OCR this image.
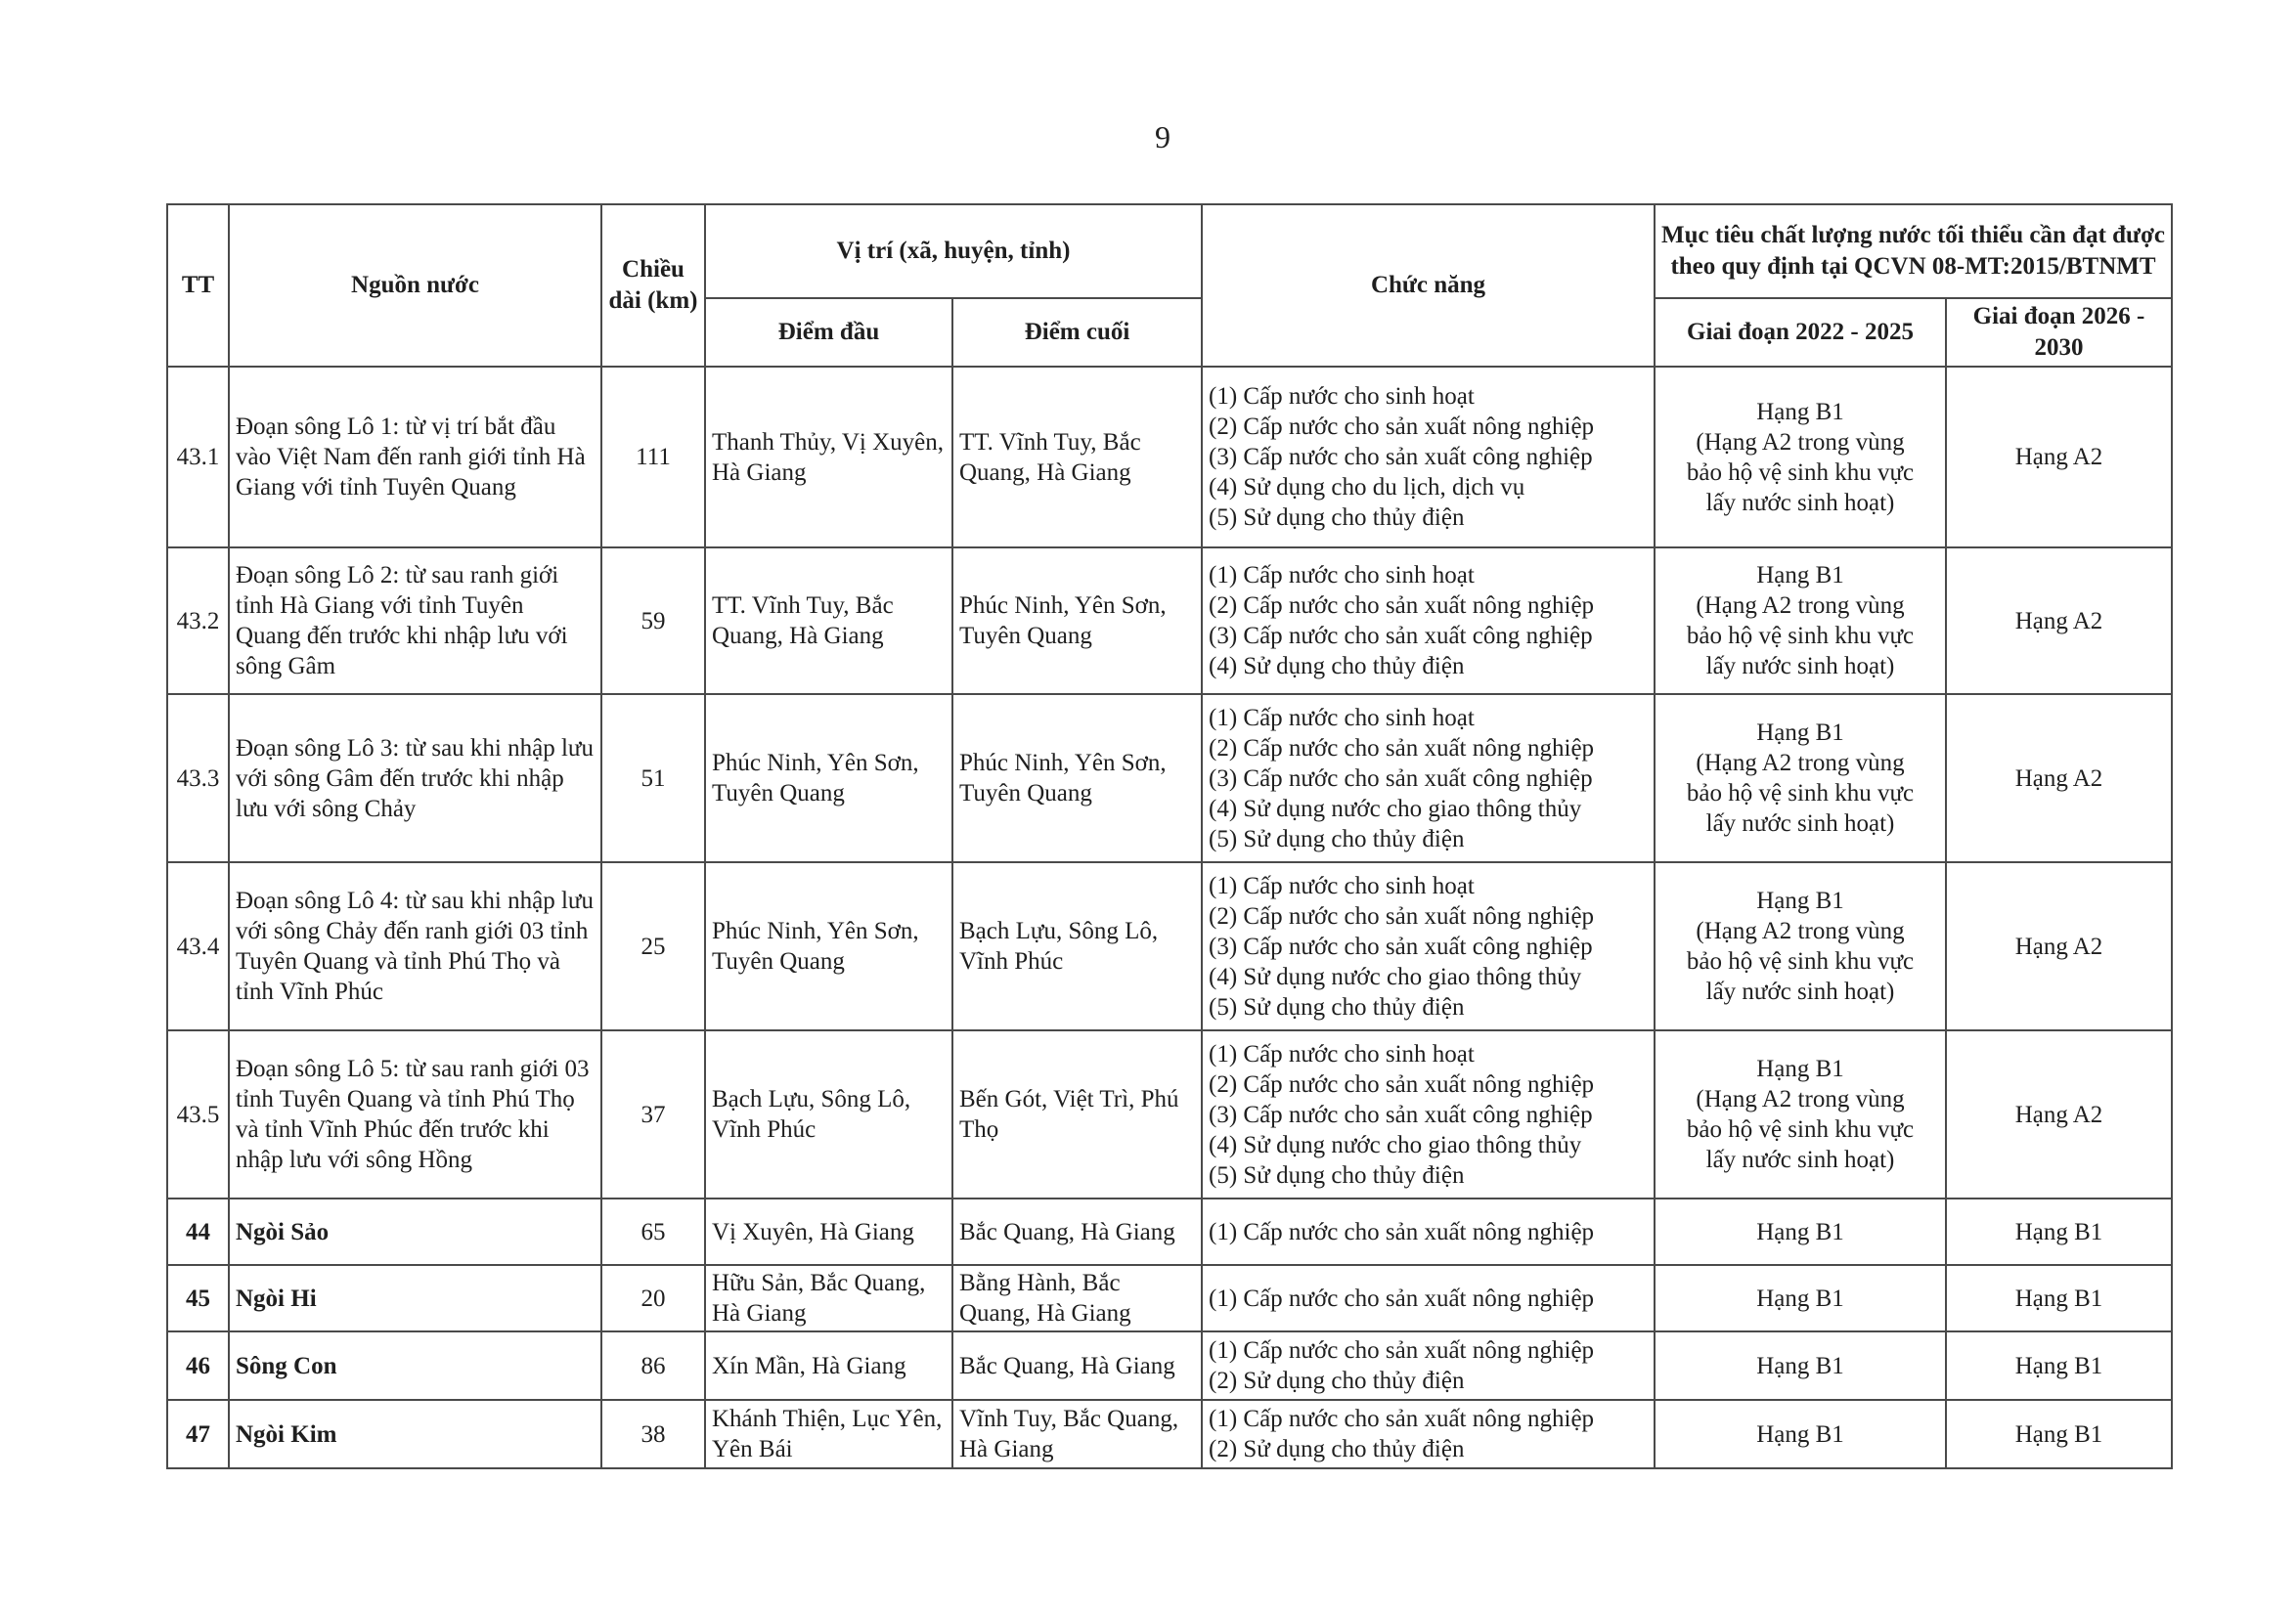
9
TT	Nguồn nước	Chiều dài (km)	Vị trí (xã, huyện, tỉnh)		Chức năng	Mục tiêu chất lượng nước tối thiểu cần đạt được theo quy định tại QCVN 08-MT:2015/BTNMT	
			Điểm đầu	Điểm cuối		Giai đoạn 2022 - 2025	Giai đoạn 2026 - 2030
43.1	Đoạn sông Lô 1: từ vị trí bắt đầu vào Việt Nam đến ranh giới tỉnh Hà Giang với tỉnh Tuyên Quang	111	Thanh Thủy, Vị Xuyên, Hà Giang	TT. Vĩnh Tuy, Bắc Quang, Hà Giang	(1) Cấp nước cho sinh hoạt
(2) Cấp nước cho sản xuất nông nghiệp
(3) Cấp nước cho sản xuất công nghiệp
(4) Sử dụng cho du lịch, dịch vụ
(5) Sử dụng cho thủy điện	Hạng B1
(Hạng A2 trong vùng
bảo hộ vệ sinh khu vực
lấy nước sinh hoạt)	Hạng A2
43.2	Đoạn sông Lô 2: từ sau ranh giới tỉnh Hà Giang với tỉnh Tuyên Quang đến trước khi nhập lưu với sông Gâm	59	TT. Vĩnh Tuy, Bắc Quang, Hà Giang	Phúc Ninh, Yên Sơn, Tuyên Quang	(1) Cấp nước cho sinh hoạt
(2) Cấp nước cho sản xuất nông nghiệp
(3) Cấp nước cho sản xuất công nghiệp
(4) Sử dụng cho thủy điện	Hạng B1
(Hạng A2 trong vùng
bảo hộ vệ sinh khu vực
lấy nước sinh hoạt)	Hạng A2
43.3	Đoạn sông Lô 3: từ sau khi nhập lưu với sông Gâm đến trước khi nhập lưu với sông Chảy	51	Phúc Ninh, Yên Sơn, Tuyên Quang	Phúc Ninh, Yên Sơn, Tuyên Quang	(1) Cấp nước cho sinh hoạt
(2) Cấp nước cho sản xuất nông nghiệp
(3) Cấp nước cho sản xuất công nghiệp
(4) Sử dụng nước cho giao thông thủy
(5) Sử dụng cho thủy điện	Hạng B1
(Hạng A2 trong vùng
bảo hộ vệ sinh khu vực
lấy nước sinh hoạt)	Hạng A2
43.4	Đoạn sông Lô 4: từ sau khi nhập lưu với sông Chảy đến ranh giới 03 tỉnh Tuyên Quang và tỉnh Phú Thọ và tỉnh Vĩnh Phúc	25	Phúc Ninh, Yên Sơn, Tuyên Quang	Bạch Lựu, Sông Lô, Vĩnh Phúc	(1) Cấp nước cho sinh hoạt
(2) Cấp nước cho sản xuất nông nghiệp
(3) Cấp nước cho sản xuất công nghiệp
(4) Sử dụng nước cho giao thông thủy
(5) Sử dụng cho thủy điện	Hạng B1
(Hạng A2 trong vùng
bảo hộ vệ sinh khu vực
lấy nước sinh hoạt)	Hạng A2
43.5	Đoạn sông Lô 5: từ sau ranh giới 03 tỉnh Tuyên Quang và tỉnh Phú Thọ và tỉnh Vĩnh Phúc đến trước khi nhập lưu với sông Hồng	37	Bạch Lựu, Sông Lô, Vĩnh Phúc	Bến Gót, Việt Trì, Phú Thọ	(1) Cấp nước cho sinh hoạt
(2) Cấp nước cho sản xuất nông nghiệp
(3) Cấp nước cho sản xuất công nghiệp
(4) Sử dụng nước cho giao thông thủy
(5) Sử dụng cho thủy điện	Hạng B1
(Hạng A2 trong vùng
bảo hộ vệ sinh khu vực
lấy nước sinh hoạt)	Hạng A2
44	Ngòi Sảo	65	Vị Xuyên, Hà Giang	Bắc Quang, Hà Giang	(1) Cấp nước cho sản xuất nông nghiệp	Hạng B1	Hạng B1
45	Ngòi Hi	20	Hữu Sản, Bắc Quang, Hà Giang	Bằng Hành, Bắc Quang, Hà Giang	(1) Cấp nước cho sản xuất nông nghiệp	Hạng B1	Hạng B1
46	Sông Con	86	Xín Mần, Hà Giang	Bắc Quang, Hà Giang	(1) Cấp nước cho sản xuất nông nghiệp
(2) Sử dụng cho thủy điện	Hạng B1	Hạng B1
47	Ngòi Kim	38	Khánh Thiện, Lục Yên, Yên Bái	Vĩnh Tuy, Bắc Quang, Hà Giang	(1) Cấp nước cho sản xuất nông nghiệp
(2) Sử dụng cho thủy điện	Hạng B1	Hạng B1
